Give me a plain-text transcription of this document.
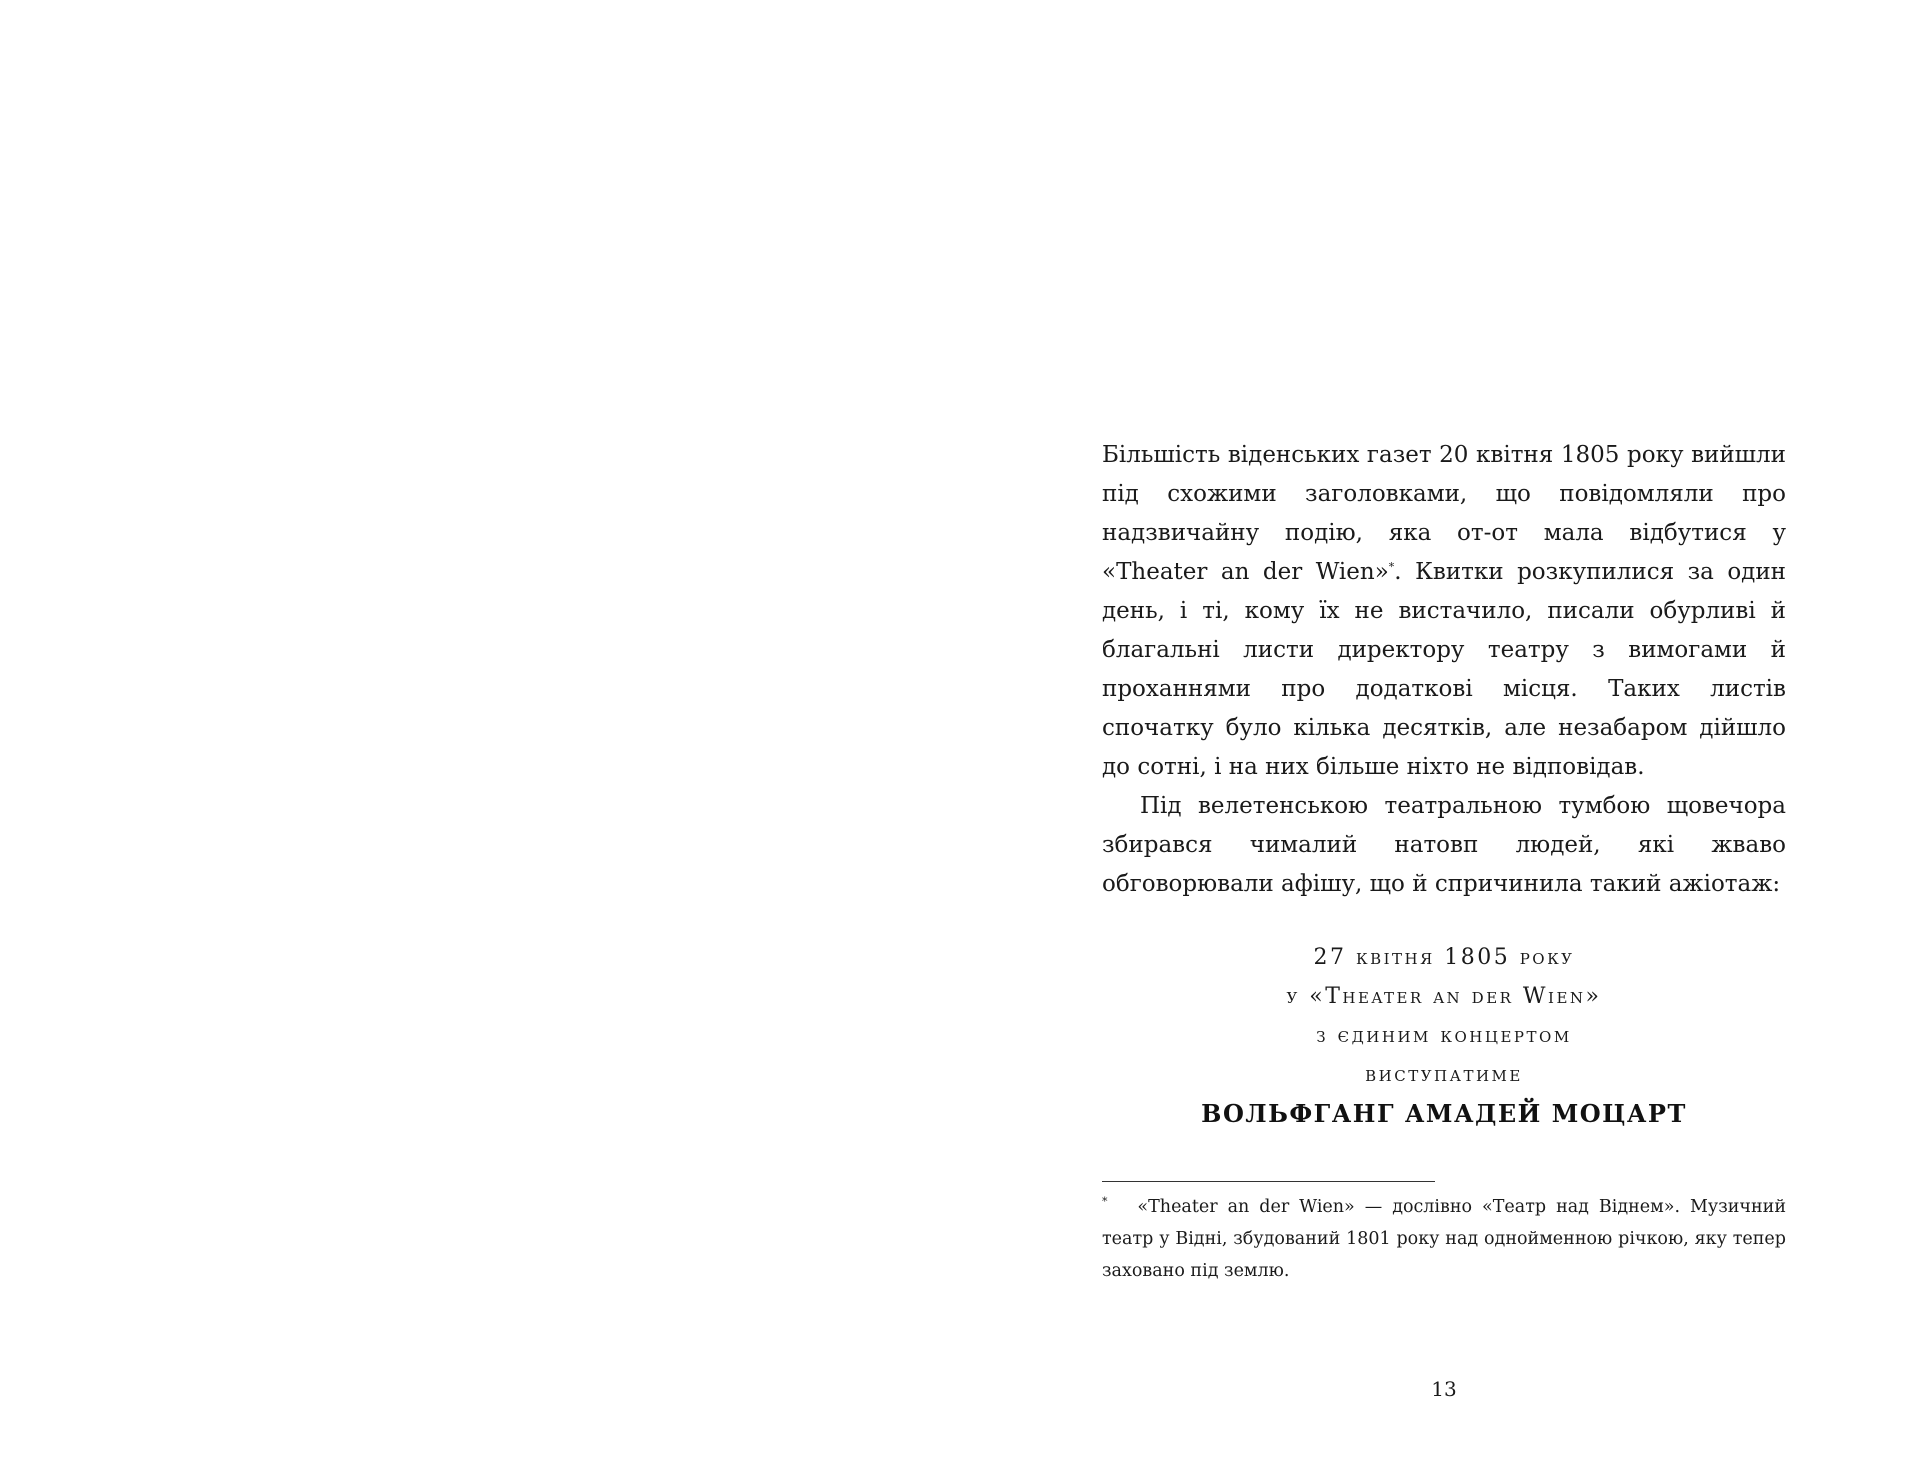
Більшість віденських газет 20 квітня 1805 року вийшли під схожими заголовками, що повідомляли про надзвичайну подію, яка от-от мала відбутися у «Theater an der Wien»*. Квитки розкупилися за один день, і ті, кому їх не вистачило, писали обурливі й благальні листи директору театру з вимогами й проханнями про додаткові місця. Таких листів спочатку було кілька десятків, але незабаром дійшло до сотні, і на них більше ніхто не відповідав.

Під велетенською театральною тумбою щовечора збирався чималий натовп людей, які жваво обговорювали афішу, що й спричинила такий ажіотаж:

27 квітня 1805 року
у «Theater an der Wien»
з єдиним концертом
виступатиме
ВОЛЬФГАНГ АМАДЕЙ МОЦАРТ
* «Theater an der Wien» — дослівно «Театр над Віднем». Музичний театр у Відні, збудований 1801 року над однойменною річкою, яку тепер заховано під землю.
13
